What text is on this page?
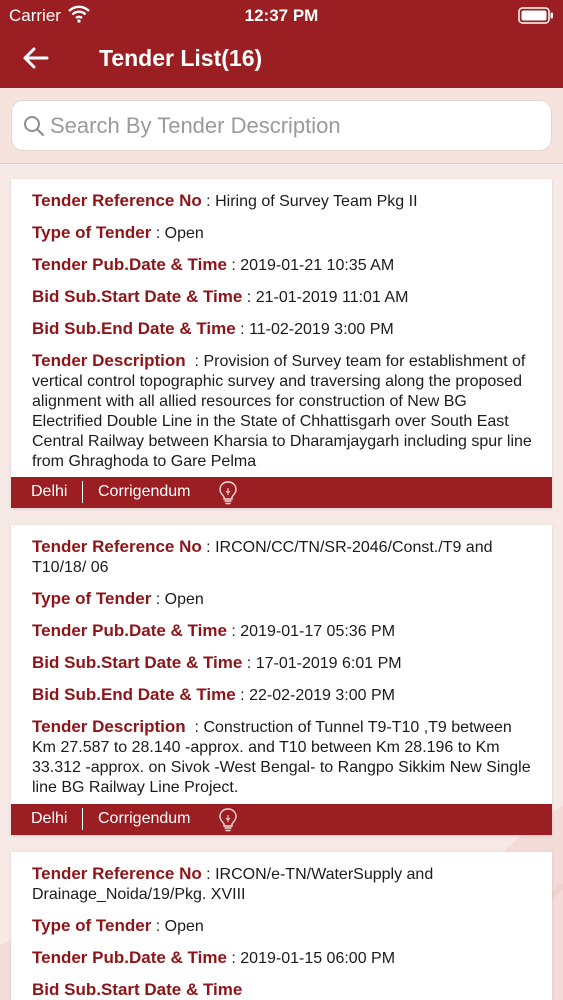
Carrier	12:37 PM
Tender List(16)
Search By Tender Description
Tender Reference No : Hiring of Survey Team Pkg II
Type of Tender : Open
Tender Pub.Date & Time : 2019-01-21 10:35 AM
Bid Sub.Start Date & Time : 21-01-2019 11:01 AM
Bid Sub.End Date & Time : 11-02-2019 3:00 PM
Tender Description  : Provision of Survey team for establishment of vertical control topographic survey and traversing along the proposed alignment with all allied resources for construction of New BG Electrified Double Line in the State of Chhattisgarh over South East Central Railway between Kharsia to Dharamjaygarh including spur line from Ghraghoda to Gare Pelma
Delhi Corrigendum
Tender Reference No : IRCON/CC/TN/SR-2046/Const./T9 and T10/18/ 06
Type of Tender : Open
Tender Pub.Date & Time : 2019-01-17 05:36 PM
Bid Sub.Start Date & Time : 17-01-2019 6:01 PM
Bid Sub.End Date & Time : 22-02-2019 3:00 PM
Tender Description  : Construction of Tunnel T9-T10 ,T9 between Km 27.587 to 28.140 -approx. and T10 between Km 28.196 to Km 33.312 -approx. on Sivok -West Bengal- to Rangpo Sikkim New Single line BG Railway Line Project.
Delhi Corrigendum
Tender Reference No : IRCON/e-TN/WaterSupply and Drainage_Noida/19/Pkg. XVIII
Type of Tender : Open
Tender Pub.Date & Time : 2019-01-15 06:00 PM
Bid Sub.Start Date & Time
